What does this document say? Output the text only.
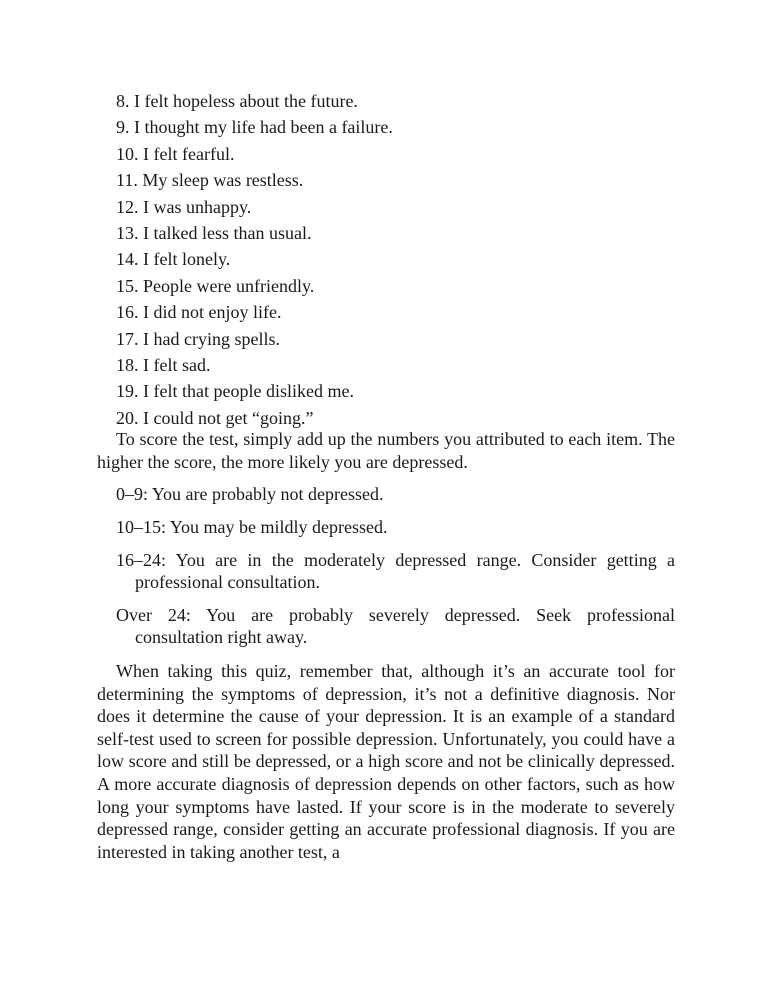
8. I felt hopeless about the future.
9. I thought my life had been a failure.
10. I felt fearful.
11. My sleep was restless.
12. I was unhappy.
13. I talked less than usual.
14. I felt lonely.
15. People were unfriendly.
16. I did not enjoy life.
17. I had crying spells.
18. I felt sad.
19. I felt that people disliked me.
20. I could not get “going.”

To score the test, simply add up the numbers you attributed to each item. The higher the score, the more likely you are depressed.

0–9: You are probably not depressed.
10–15: You may be mildly depressed.
16–24: You are in the moderately depressed range. Consider getting a professional consultation.
Over 24: You are probably severely depressed. Seek professional consultation right away.

When taking this quiz, remember that, although it’s an accurate tool for determining the symptoms of depression, it’s not a definitive diagnosis. Nor does it determine the cause of your depression. It is an example of a standard self-test used to screen for possible depression. Unfortunately, you could have a low score and still be depressed, or a high score and not be clinically depressed. A more accurate diagnosis of depression depends on other factors, such as how long your symptoms have lasted. If your score is in the moderate to severely depressed range, consider getting an accurate professional diagnosis. If you are interested in taking another test, a
